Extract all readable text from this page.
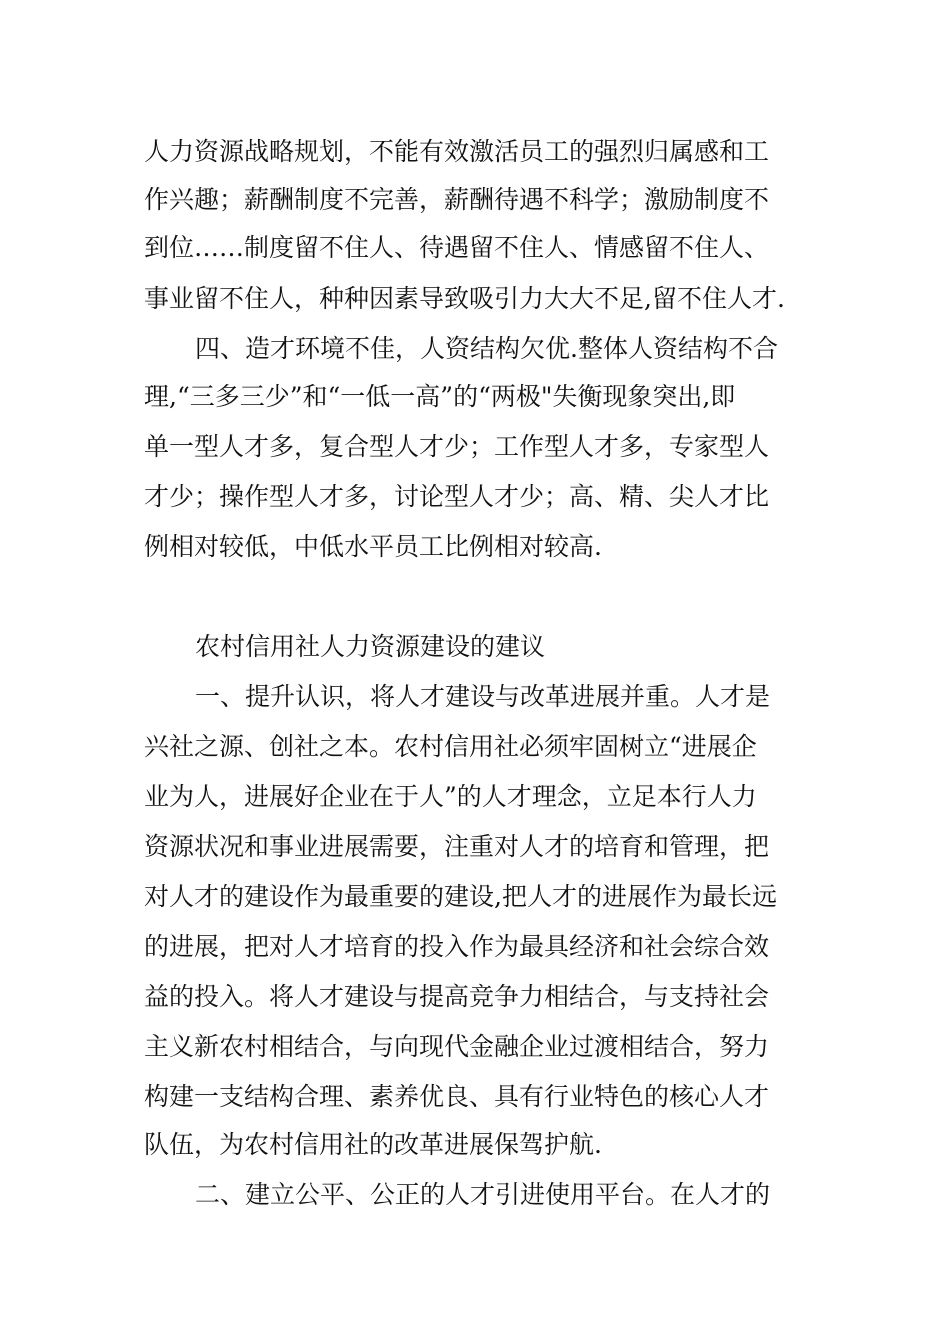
人力资源战略规划，不能有效激活员工的强烈归属感和工
作兴趣；薪酬制度不完善，薪酬待遇不科学；激励制度不
到位……制度留不住人、待遇留不住人、情感留不住人、
事业留不住人，种种因素导致吸引力大大不足,留不住人才.
四、造才环境不佳，人资结构欠优.整体人资结构不合
理,“三多三少”和“一低一高”的“两极"失衡现象突出,即
单一型人才多，复合型人才少；工作型人才多，专家型人
才少；操作型人才多，讨论型人才少；高、精、尖人才比
例相对较低，中低水平员工比例相对较高.
农村信用社人力资源建设的建议
一、提升认识，将人才建设与改革进展并重。人才是
兴社之源、创社之本。农村信用社必须牢固树立“进展企
业为人，进展好企业在于人”的人才理念，立足本行人力
资源状况和事业进展需要，注重对人才的培育和管理，把
对人才的建设作为最重要的建设,把人才的进展作为最长远
的进展，把对人才培育的投入作为最具经济和社会综合效
益的投入。将人才建设与提高竞争力相结合，与支持社会
主义新农村相结合，与向现代金融企业过渡相结合，努力
构建一支结构合理、素养优良、具有行业特色的核心人才
队伍，为农村信用社的改革进展保驾护航.
二、建立公平、公正的人才引进使用平台。在人才的
